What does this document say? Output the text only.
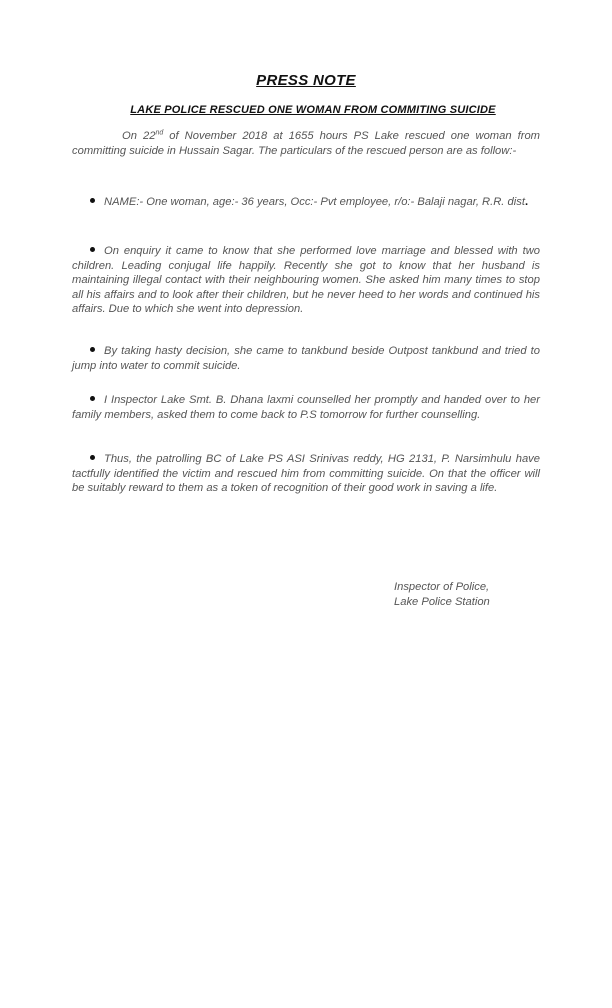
PRESS NOTE
LAKE POLICE RESCUED ONE WOMAN FROM COMMITING SUICIDE
On 22nd of November 2018 at 1655 hours PS Lake rescued one woman from committing suicide in Hussain Sagar. The particulars of the rescued person are as follow:-
NAME:- One woman, age:- 36 years, Occ:- Pvt employee, r/o:- Balaji nagar, R.R. dist.
On enquiry it came to know that she performed love marriage and blessed with two children. Leading conjugal life happily. Recently she got to know that her husband is maintaining illegal contact with their neighbouring women. She asked him many times to stop all his affairs and to look after their children, but he never heed to her words and continued his affairs. Due to which she went into depression.
By taking hasty decision, she came to tankbund beside Outpost tankbund and tried to jump into water to commit suicide.
I Inspector Lake Smt. B. Dhana laxmi counselled her promptly and handed over to her family members, asked them to come back to P.S tomorrow for further counselling.
Thus, the patrolling BC of Lake PS ASI Srinivas reddy, HG 2131, P. Narsimhulu have tactfully identified the victim and rescued him from committing suicide. On that the officer will be suitably reward to them as a token of recognition of their good work in saving a life.
Inspector of Police,
Lake Police Station
